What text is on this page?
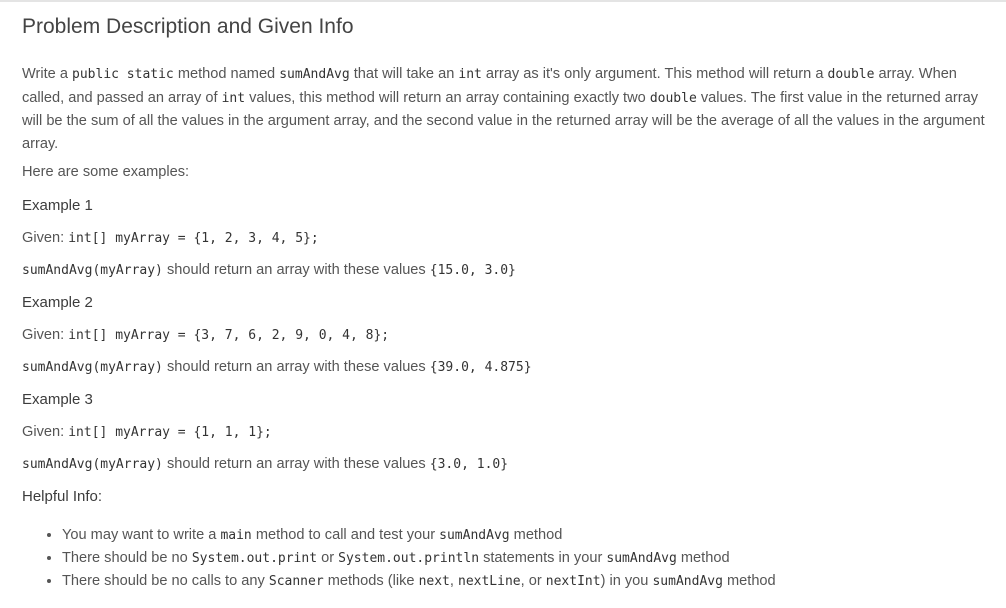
Problem Description and Given Info

Write a public static method named sumAndAvg that will take an int array as it's only argument. This method will return a double array. When called, and passed an array of int values, this method will return an array containing exactly two double values. The first value in the returned array will be the sum of all the values in the argument array, and the second value in the returned array will be the average of all the values in the argument array.

Here are some examples:

Example 1

Given: int[] myArray = {1, 2, 3, 4, 5};

sumAndAvg(myArray) should return an array with these values {15.0, 3.0}

Example 2

Given: int[] myArray = {3, 7, 6, 2, 9, 0, 4, 8};

sumAndAvg(myArray) should return an array with these values {39.0, 4.875}

Example 3

Given: int[] myArray = {1, 1, 1};

sumAndAvg(myArray) should return an array with these values {3.0, 1.0}

Helpful Info:

• You may want to write a main method to call and test your sumAndAvg method
• There should be no System.out.print or System.out.println statements in your sumAndAvg method
• There should be no calls to any Scanner methods (like next, nextLine, or nextInt) in you sumAndAvg method
